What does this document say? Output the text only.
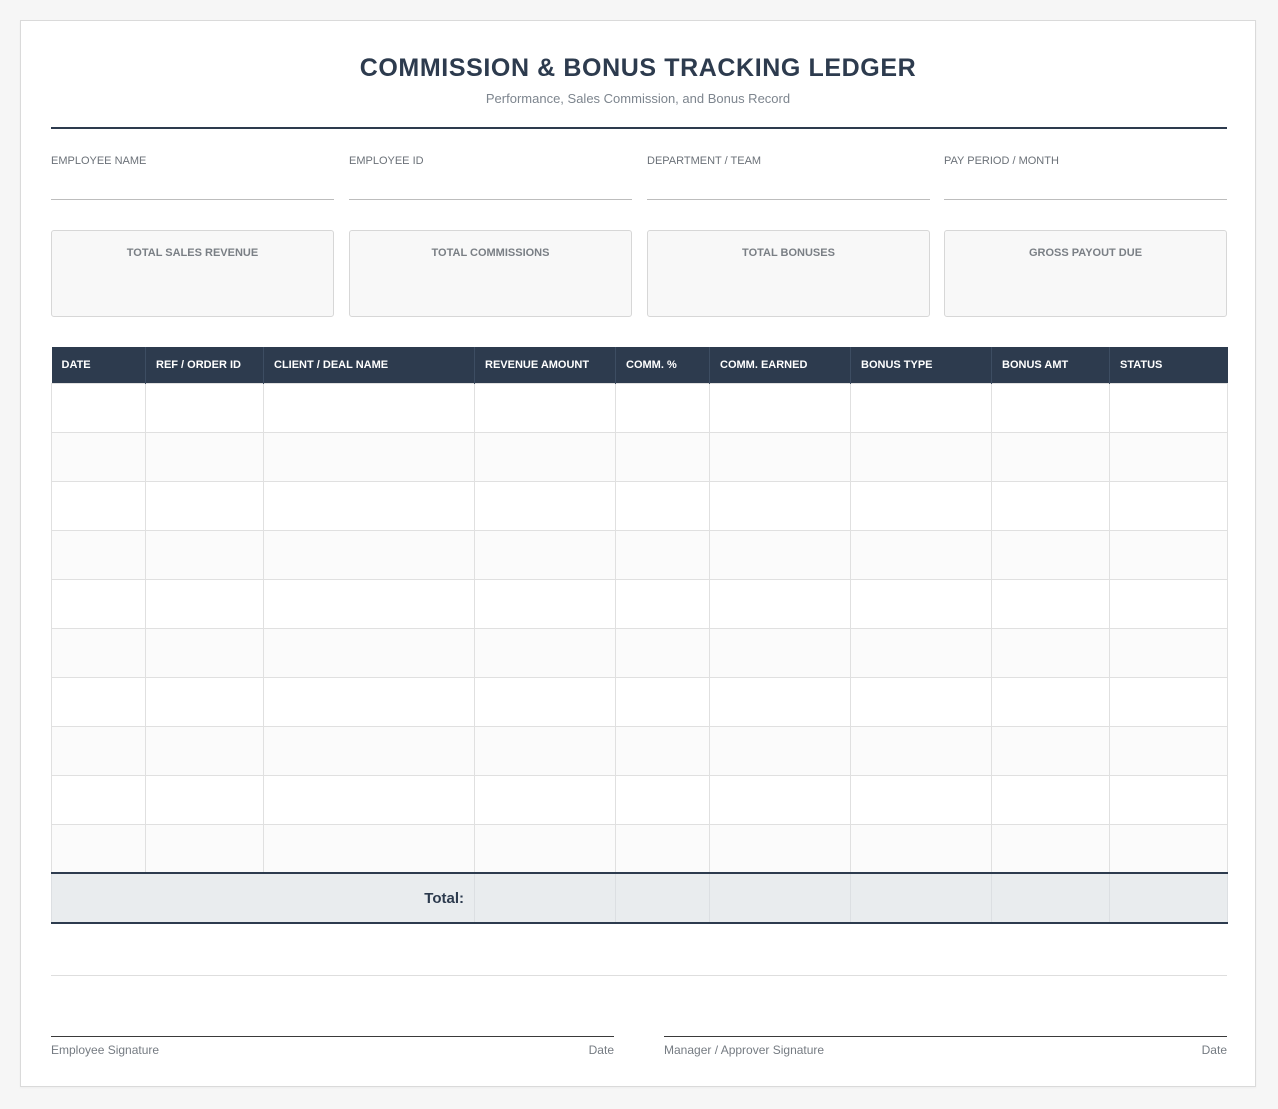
COMMISSION & BONUS TRACKING LEDGER
Performance, Sales Commission, and Bonus Record
EMPLOYEE NAME	EMPLOYEE ID	DEPARTMENT / TEAM	PAY PERIOD / MONTH
TOTAL SALES REVENUE	TOTAL COMMISSIONS	TOTAL BONUSES	GROSS PAYOUT DUE
DATE	REF / ORDER ID	CLIENT / DEAL NAME	REVENUE AMOUNT	COMM. %	COMM. EARNED	BONUS TYPE	BONUS AMT	STATUS

Total:								
Employee Signature	Date	Manager / Approver Signature	Date
